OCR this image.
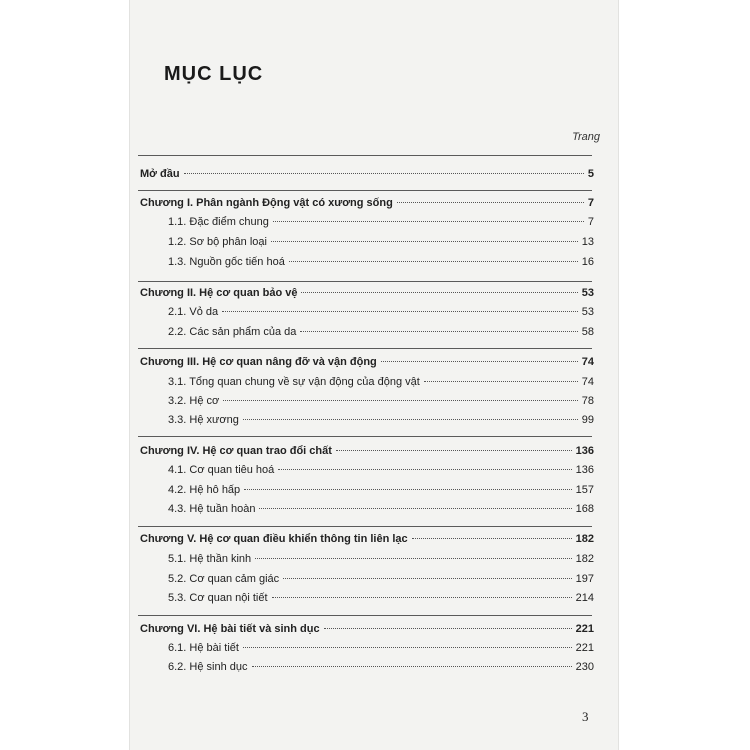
MỤC LỤC
Trang
Mở đầu	5
Chương I. Phân ngành Động vật có xương sống	7
1.1. Đặc điểm chung	7
1.2. Sơ bộ phân loại	13
1.3. Nguồn gốc tiến hoá	16
Chương II. Hệ cơ quan bảo vệ	53
2.1. Vỏ da	53
2.2. Các sản phẩm của da	58
Chương III. Hệ cơ quan nâng đỡ và vận động	74
3.1. Tổng quan chung về sự vận động của động vật	74
3.2. Hệ cơ	78
3.3. Hệ xương	99
Chương IV. Hệ cơ quan trao đổi chất	136
4.1. Cơ quan tiêu hoá	136
4.2. Hệ hô hấp	157
4.3. Hệ tuần hoàn	168
Chương V. Hệ cơ quan điều khiển thông tin liên lạc	182
5.1. Hệ thần kinh	182
5.2. Cơ quan cảm giác	197
5.3. Cơ quan nội tiết	214
Chương VI. Hệ bài tiết và sinh dục	221
6.1. Hệ bài tiết	221
6.2. Hệ sinh dục	230
3
